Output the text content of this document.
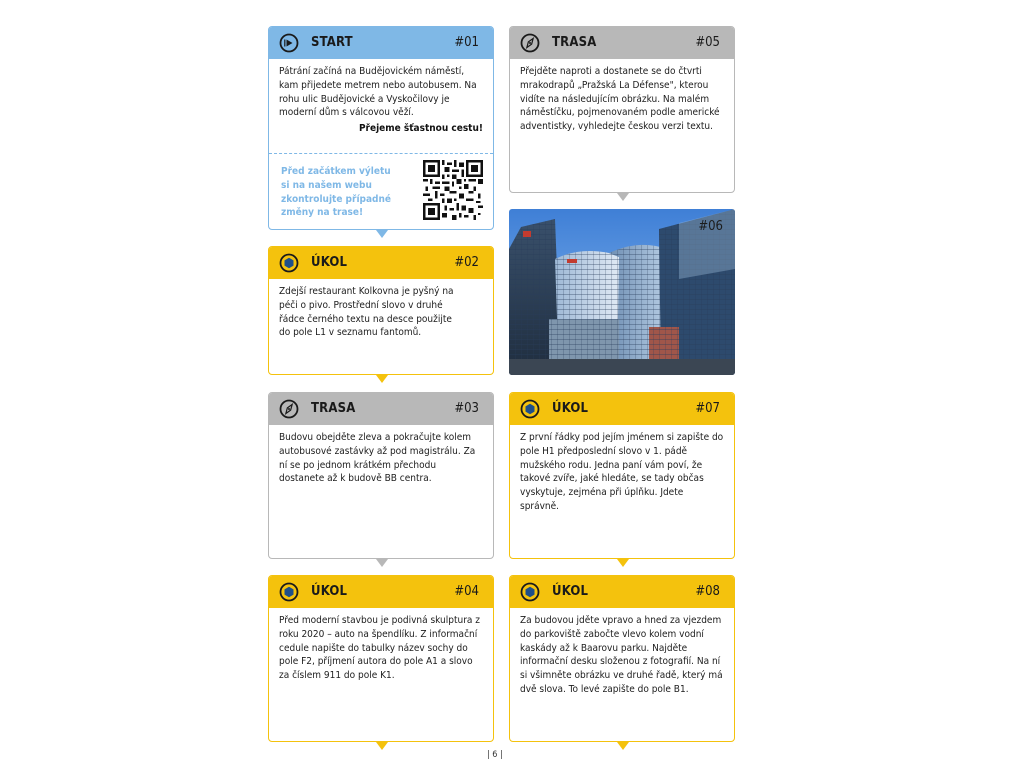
START	#01

Pátrání začíná na Budějovickém náměstí, kam přijedete metrem nebo autobusem. Na rohu ulic Budějovické a Vyskočilovy je moderní dům s válcovou věží.

Přejeme šťastnou cestu!
Před začátkem výletu si na našem webu zkontrolujte případné změny na trase!
ÚKOL	#02

Zdejší restaurant Kolkovna je pyšný na péči o pivo. Prostřední slovo v druhé řádce černého textu na desce použijte do pole L1 v seznamu fantomů.

TRASA	#03

Budovu obejděte zleva a pokračujte kolem autobusové zastávky až pod magistrálu. Za ní se po jednom krátkém přechodu dostanete až k budově BB centra.

ÚKOL	#04

Před moderní stavbou je podivná skulptura z roku 2020 – auto na špendlíku. Z informační cedule napište do tabulky název sochy do pole F2, příjmení autora do pole A1 a slovo za číslem 911 do pole K1.

TRASA	#05

Přejděte naproti a dostanete se do čtvrti mrakodrapů „Pražská La Défense", kterou vidíte na následujícím obrázku. Na malém náměstíčku, pojmenovaném podle americké adventistky, vyhledejte českou verzi textu.

#06
ÚKOL	#07

Z první řádky pod jejím jménem si zapište do pole H1 předposlední slovo v 1. pádě mužského rodu. Jedna paní vám poví, že takové zvíře, jaké hledáte, se tady občas vyskytuje, zejména při úplňku. Jdete správně.

ÚKOL	#08

Za budovou jděte vpravo a hned za vjezdem do parkoviště zabočte vlevo kolem vodní kaskády až k Baarovu parku. Najděte informační desku složenou z fotografií. Na ní si všimněte obrázku ve druhé řadě, který má dvě slova. To levé zapište do pole B1.

| 6 |
